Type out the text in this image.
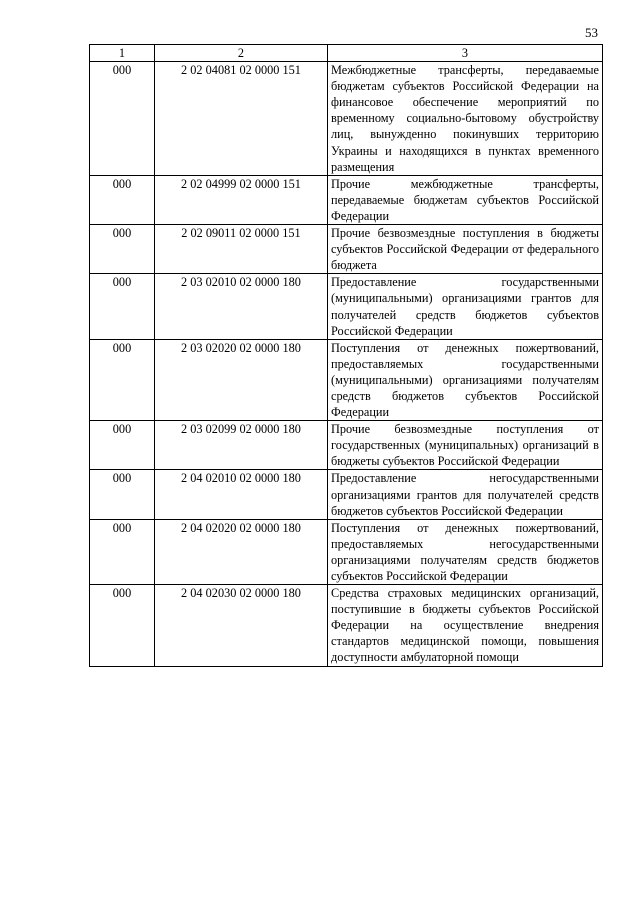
53
1	2	3
000	2 02 04081 02 0000 151	Межбюджетные трансферты, передаваемые бюджетам субъектов Российской Федерации на финансовое обеспечение мероприятий по временному социально-бытовому обустройству лиц, вынужденно покинувших территорию Украины и находящихся в пунктах временного размещения
000	2 02 04999 02 0000 151	Прочие межбюджетные трансферты, передаваемые бюджетам субъектов Российской Федерации
000	2 02 09011 02 0000 151	Прочие безвозмездные поступления в бюджеты субъектов Российской Федерации от федерального бюджета
000	2 03 02010 02 0000 180	Предоставление государственными (муниципальными) организациями грантов для получателей средств бюджетов субъектов Российской Федерации
000	2 03 02020 02 0000 180	Поступления от денежных пожертвований, предоставляемых государственными (муниципальными) организациями получателям средств бюджетов субъектов Российской Федерации
000	2 03 02099 02 0000 180	Прочие безвозмездные поступления от государственных (муниципальных) организаций в бюджеты субъектов Российской Федерации
000	2 04 02010 02 0000 180	Предоставление негосударственными организациями грантов для получателей средств бюджетов субъектов Российской Федерации
000	2 04 02020 02 0000 180	Поступления от денежных пожертвований, предоставляемых негосударственными организациями получателям средств бюджетов субъектов Российской Федерации
000	2 04 02030 02 0000 180	Средства страховых медицинских организаций, поступившие в бюджеты субъектов Российской Федерации на осуществление внедрения стандартов медицинской помощи, повышения доступности амбулаторной помощи
